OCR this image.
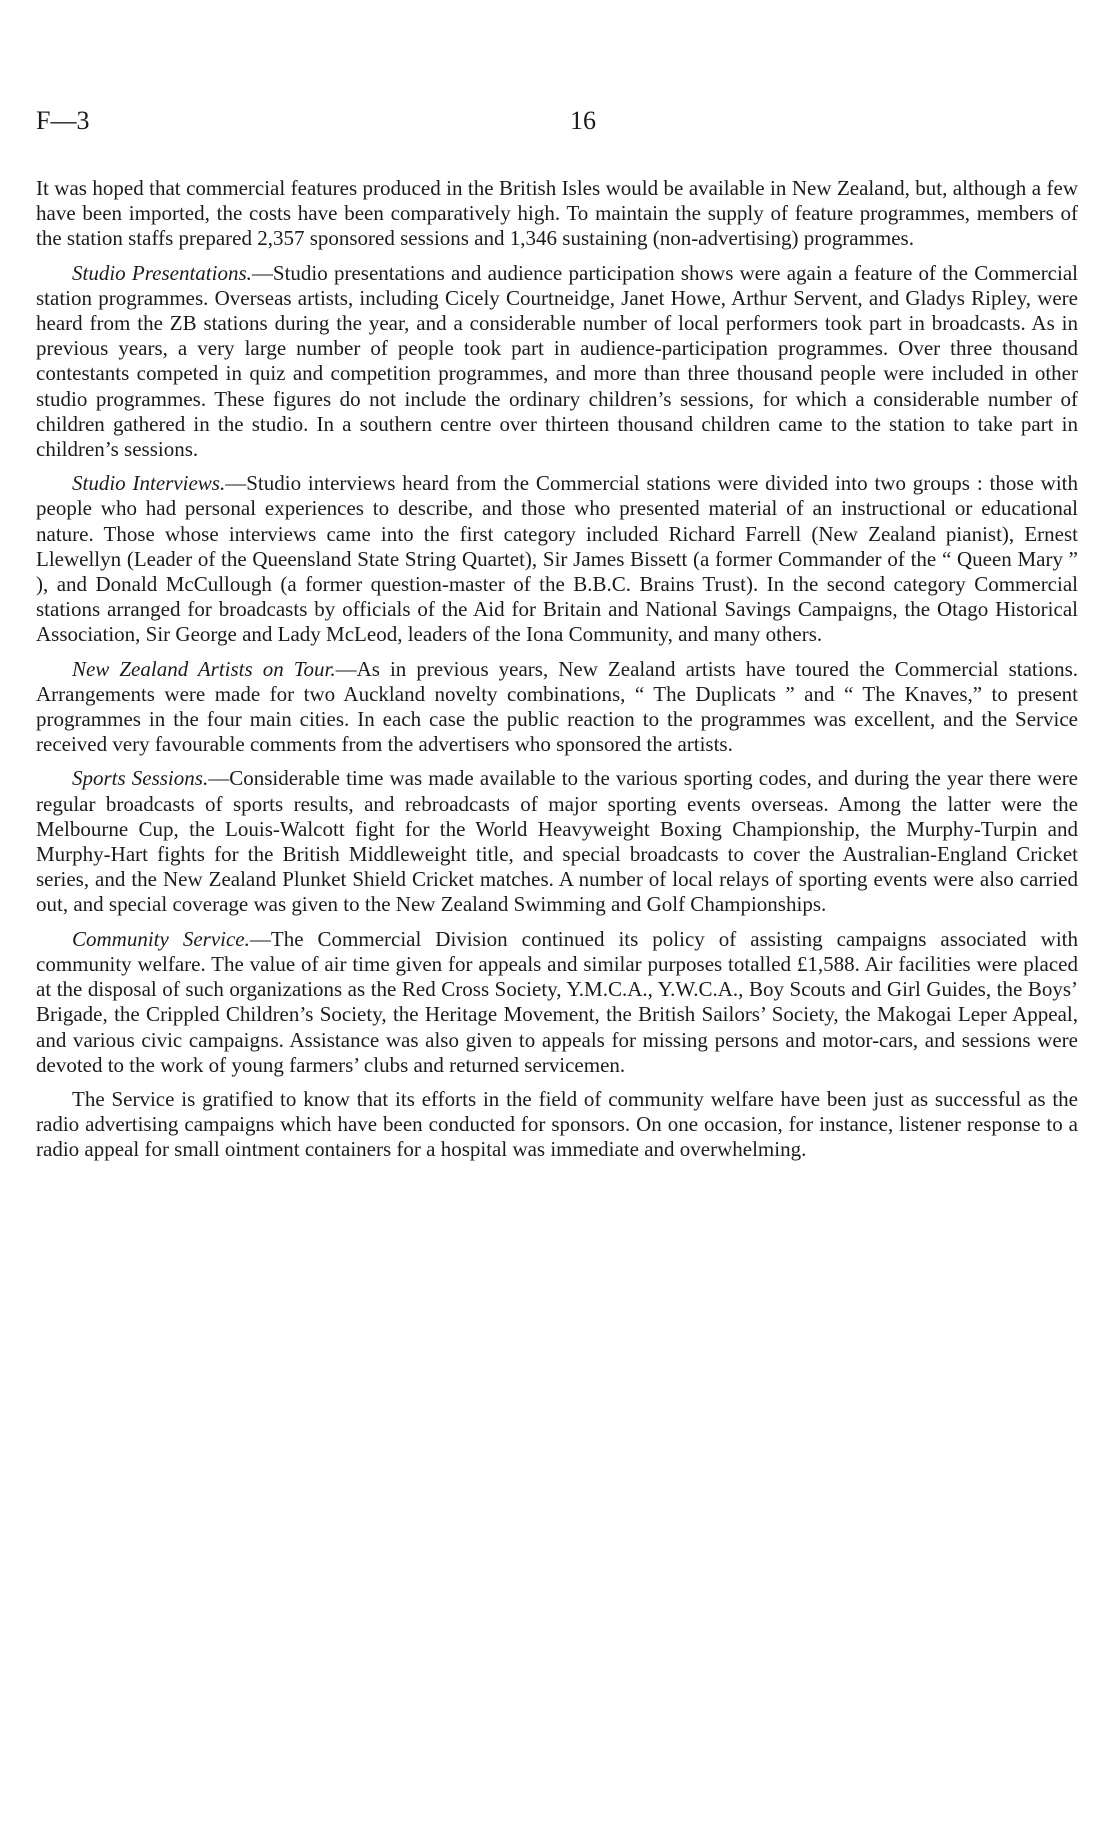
F—3	16

It was hoped that commercial features produced in the British Isles would be available in New Zealand, but, although a few have been imported, the costs have been comparatively high. To maintain the supply of feature programmes, members of the station staffs prepared 2,357 sponsored sessions and 1,346 sustaining (non-advertising) programmes.

Studio Presentations.—Studio presentations and audience participation shows were again a feature of the Commercial station programmes. Overseas artists, including Cicely Courtneidge, Janet Howe, Arthur Servent, and Gladys Ripley, were heard from the ZB stations during the year, and a considerable number of local performers took part in broadcasts. As in previous years, a very large number of people took part in audience-participation programmes. Over three thousand contestants competed in quiz and competition programmes, and more than three thousand people were included in other studio programmes. These figures do not include the ordinary children’s sessions, for which a considerable number of children gathered in the studio. In a southern centre over thirteen thousand children came to the station to take part in children’s sessions.

Studio Interviews.—Studio interviews heard from the Commercial stations were divided into two groups : those with people who had personal experiences to describe, and those who presented material of an instructional or educational nature. Those whose interviews came into the first category included Richard Farrell (New Zealand pianist), Ernest Llewellyn (Leader of the Queensland State String Quartet), Sir James Bissett (a former Commander of the “ Queen Mary ” ), and Donald McCullough (a former question-master of the B.B.C. Brains Trust). In the second category Commercial stations arranged for broadcasts by officials of the Aid for Britain and National Savings Campaigns, the Otago Historical Association, Sir George and Lady McLeod, leaders of the Iona Community, and many others.

New Zealand Artists on Tour.—As in previous years, New Zealand artists have toured the Commercial stations. Arrangements were made for two Auckland novelty combinations, “ The Duplicats ” and “ The Knaves,” to present programmes in the four main cities. In each case the public reaction to the programmes was excellent, and the Service received very favourable comments from the advertisers who sponsored the artists.

Sports Sessions.—Considerable time was made available to the various sporting codes, and during the year there were regular broadcasts of sports results, and rebroadcasts of major sporting events overseas. Among the latter were the Melbourne Cup, the Louis-Walcott fight for the World Heavyweight Boxing Championship, the Murphy-Turpin and Murphy-Hart fights for the British Middleweight title, and special broadcasts to cover the Australian-England Cricket series, and the New Zealand Plunket Shield Cricket matches. A number of local relays of sporting events were also carried out, and special coverage was given to the New Zealand Swimming and Golf Championships.

Community Service.—The Commercial Division continued its policy of assisting campaigns associated with community welfare. The value of air time given for appeals and similar purposes totalled £1,588. Air facilities were placed at the disposal of such organizations as the Red Cross Society, Y.M.C.A., Y.W.C.A., Boy Scouts and Girl Guides, the Boys’ Brigade, the Crippled Children’s Society, the Heritage Movement, the British Sailors’ Society, the Makogai Leper Appeal, and various civic campaigns. Assistance was also given to appeals for missing persons and motor-cars, and sessions were devoted to the work of young farmers’ clubs and returned servicemen.

The Service is gratified to know that its efforts in the field of community welfare have been just as successful as the radio advertising campaigns which have been conducted for sponsors. On one occasion, for instance, listener response to a radio appeal for small ointment containers for a hospital was immediate and overwhelming.
